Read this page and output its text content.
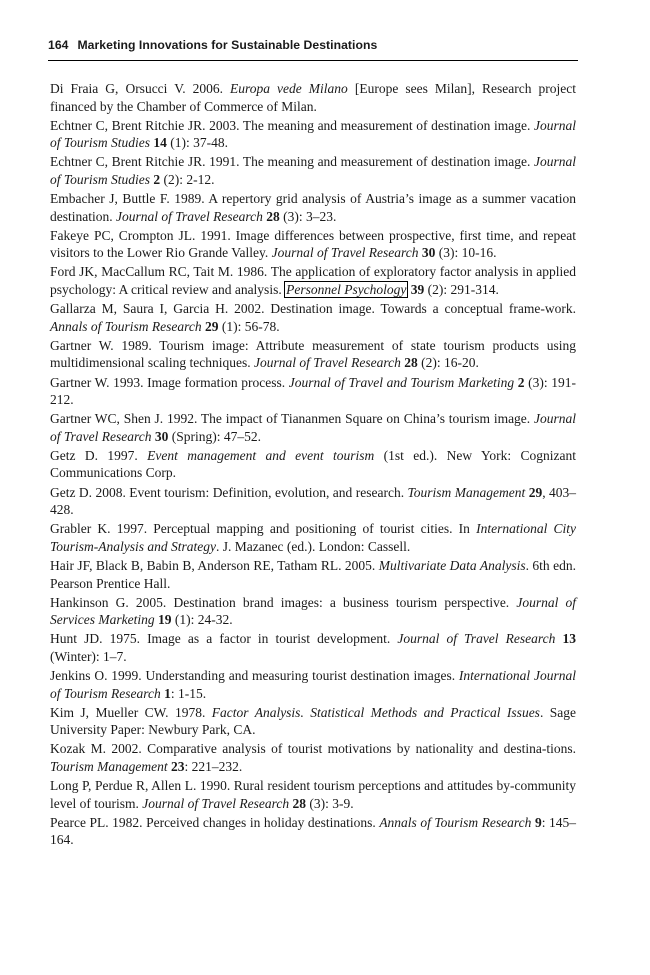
164 Marketing Innovations for Sustainable Destinations

Di Fraia G, Orsucci V. 2006. Europa vede Milano [Europe sees Milan], Research project financed by the Chamber of Commerce of Milan.

Echtner C, Brent Ritchie JR. 2003. The meaning and measurement of destination image. Journal of Tourism Studies 14 (1): 37-48.

Echtner C, Brent Ritchie JR. 1991. The meaning and measurement of destination image. Journal of Tourism Studies 2 (2): 2-12.

Embacher J, Buttle F. 1989. A repertory grid analysis of Austria’s image as a summer vacation destination. Journal of Travel Research 28 (3): 3–23.

Fakeye PC, Crompton JL. 1991. Image differences between prospective, first time, and repeat visitors to the Lower Rio Grande Valley. Journal of Travel Research 30 (3): 10-16.

Ford JK, MacCallum RC, Tait M. 1986. The application of exploratory factor analysis in applied psychology: A critical review and analysis. Personnel Psychology 39 (2): 291-314.

Gallarza M, Saura I, Garcia H. 2002. Destination image. Towards a conceptual frame-work. Annals of Tourism Research 29 (1): 56-78.

Gartner W. 1989. Tourism image: Attribute measurement of state tourism products using multidimensional scaling techniques. Journal of Travel Research 28 (2): 16-20.

Gartner W. 1993. Image formation process. Journal of Travel and Tourism Marketing 2 (3): 191-212.

Gartner WC, Shen J. 1992. The impact of Tiananmen Square on China’s tourism image. Journal of Travel Research 30 (Spring): 47–52.

Getz D. 1997. Event management and event tourism (1st ed.). New York: Cognizant Communications Corp.

Getz D. 2008. Event tourism: Definition, evolution, and research. Tourism Management 29, 403–428.

Grabler K. 1997. Perceptual mapping and positioning of tourist cities. In International City Tourism-Analysis and Strategy. J. Mazanec (ed.). London: Cassell.

Hair JF, Black B, Babin B, Anderson RE, Tatham RL. 2005. Multivariate Data Analysis. 6th edn. Pearson Prentice Hall.

Hankinson G. 2005. Destination brand images: a business tourism perspective. Journal of Services Marketing 19 (1): 24-32.

Hunt JD. 1975. Image as a factor in tourist development. Journal of Travel Research 13 (Winter): 1–7.

Jenkins O. 1999. Understanding and measuring tourist destination images. International Journal of Tourism Research 1: 1-15.

Kim J, Mueller CW. 1978. Factor Analysis. Statistical Methods and Practical Issues. Sage University Paper: Newbury Park, CA.

Kozak M. 2002. Comparative analysis of tourist motivations by nationality and destina-tions. Tourism Management 23: 221–232.

Long P, Perdue R, Allen L. 1990. Rural resident tourism perceptions and attitudes by-community level of tourism. Journal of Travel Research 28 (3): 3-9.

Pearce PL. 1982. Perceived changes in holiday destinations. Annals of Tourism Research 9: 145–164.
